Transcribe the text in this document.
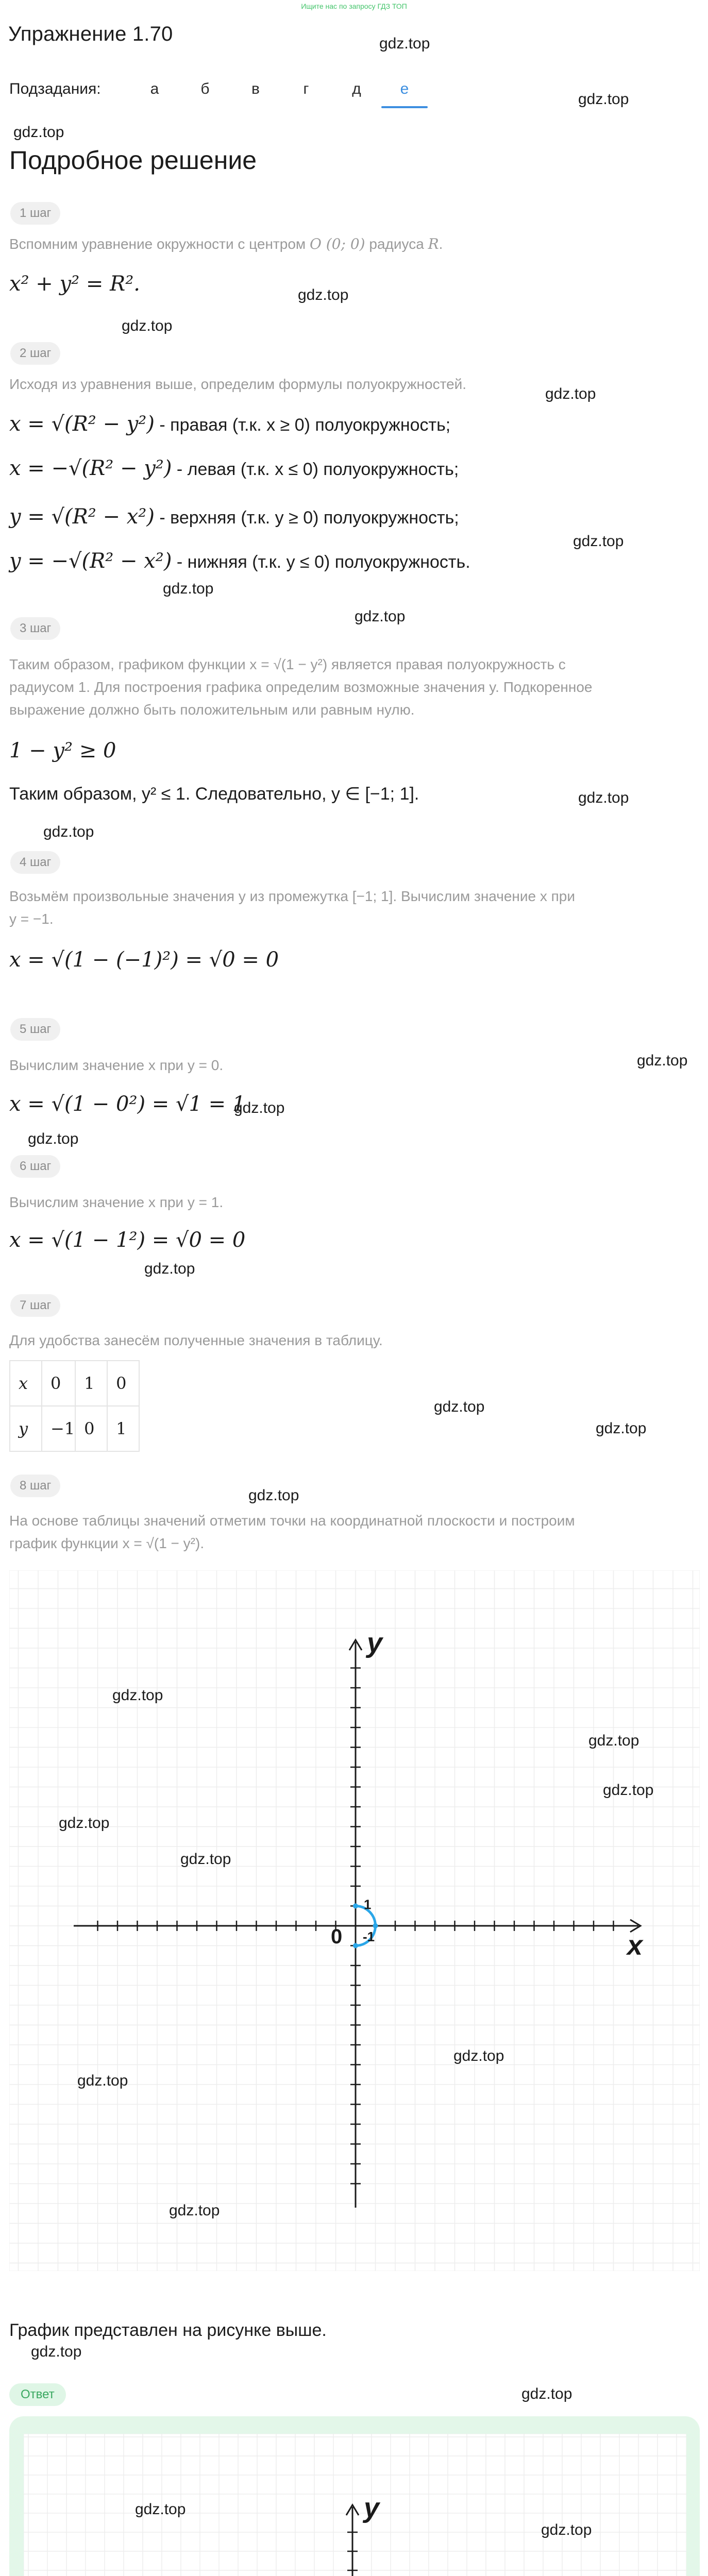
Ищите нас по запросу ГДЗ ТОП
Упражнение 1.70	gdz.top
Подзадания:	а	б	в	г	д	е
gdz.top
gdz.top
Подробное решение
1 шаг
Вспомним уравнение окружности с центром O (0; 0) радиуса R.
x² + y² = R².	gdz.top
gdz.top
2 шаг
Исходя из уравнения выше, определим формулы полуокружностей.
gdz.top
x = √(R² − y²) - правая (т.к. x ≥ 0) полуокружность;
x = −√(R² − y²) - левая (т.к. x ≤ 0) полуокружность;
y = √(R² − x²) - верхняя (т.к. y ≥ 0) полуокружность;
gdz.top
y = −√(R² − x²) - нижняя (т.к. y ≤ 0) полуокружность.
gdz.top
gdz.top
3 шаг
Таким образом, графиком функции x = √(1 − y²) является правая полуокружность с
радиусом 1. Для построения графика определим возможные значения y. Подкоренное
выражение должно быть положительным или равным нулю.
1 − y² ≥ 0
Таким образом, y² ≤ 1. Следовательно, y ∈ [−1; 1].	gdz.top
gdz.top
4 шаг
Возьмём произвольные значения y из промежутка [−1; 1]. Вычислим значение x при
y = −1.
x = √(1 − (−1)²) = √0 = 0
5 шаг
gdz.top
Вычислим значение x при y = 0.
x = √(1 − 0²) = √1 = 1
gdz.top
gdz.top
6 шаг
Вычислим значение x при y = 1.
x = √(1 − 1²) = √0 = 0
gdz.top
7 шаг
Для удобства занесём полученные значения в таблицу.
x	0	1	0
y	−1	0	1
gdz.top
gdz.top
8 шаг
gdz.top
На основе таблицы значений отметим точки на координатной плоскости и построим
график функции x = √(1 − y²).
y
x
0
1
-1
gdz.top
gdz.top
gdz.top
gdz.top
gdz.top
gdz.top
gdz.top
gdz.top
График представлен на рисунке выше.
gdz.top
Ответ	gdz.top
y
gdz.top
gdz.top
